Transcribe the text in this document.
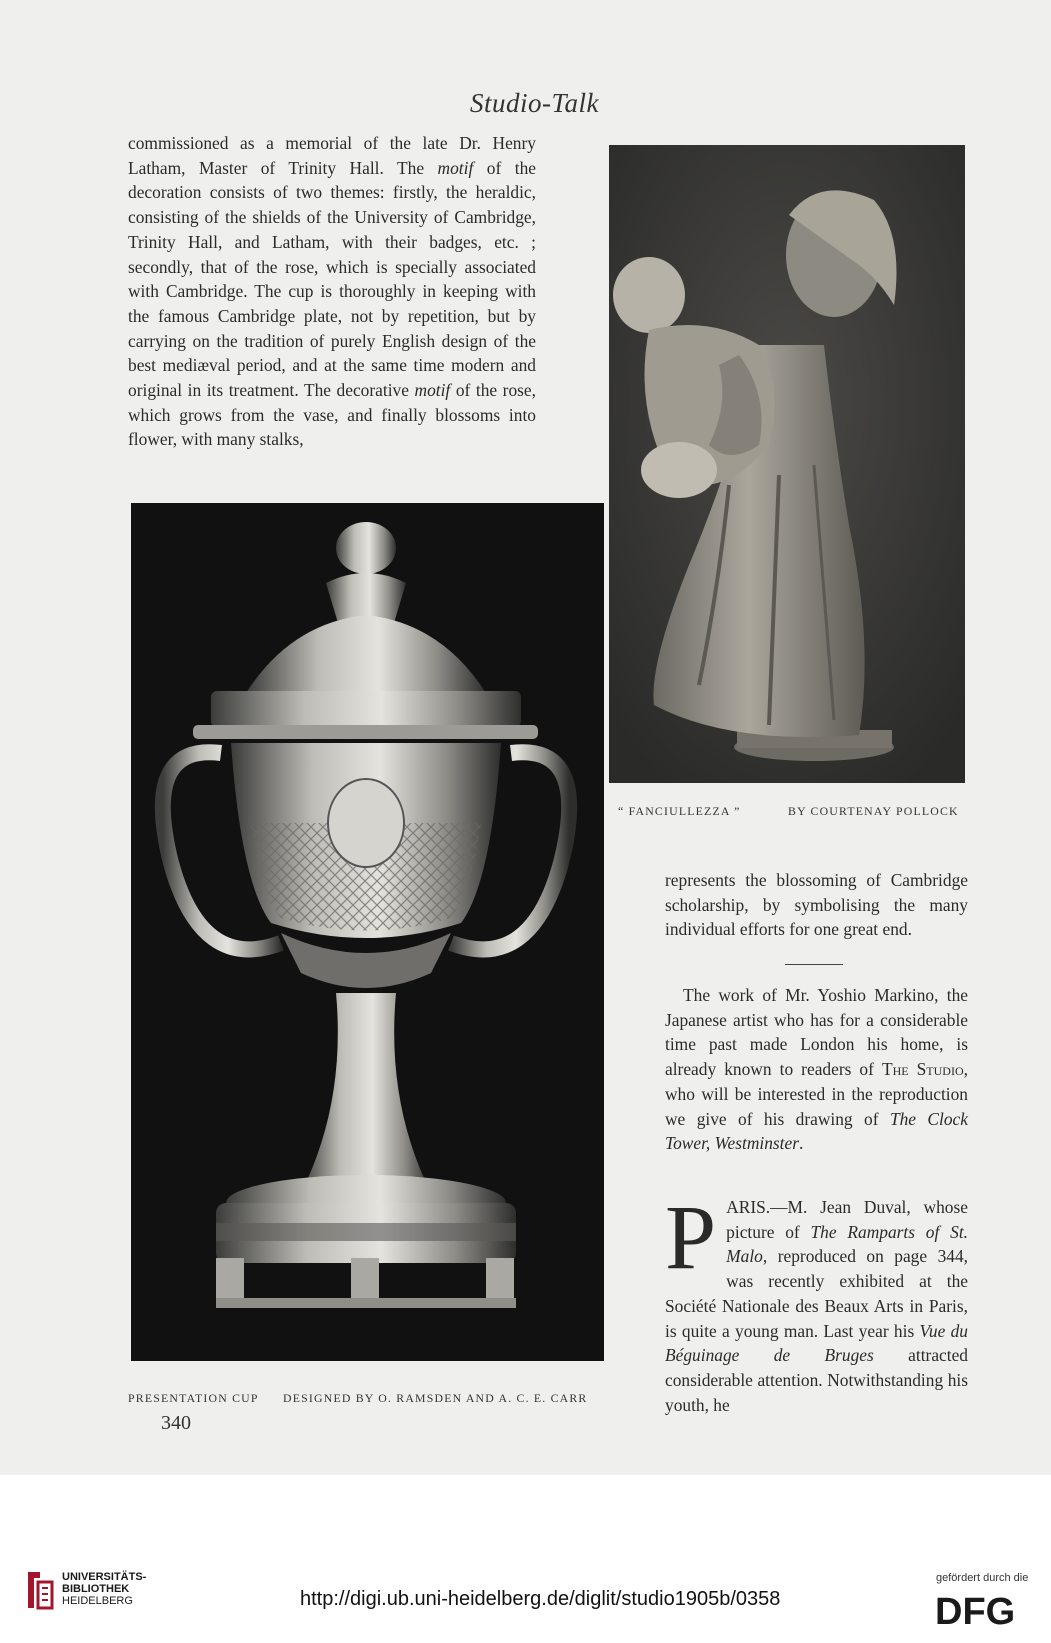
Studio-Talk

commissioned as a memorial of the late Dr. Henry Latham, Master of Trinity Hall. The motif of the decoration consists of two themes: firstly, the heraldic, consisting of the shields of the University of Cambridge, Trinity Hall, and Latham, with their badges, etc. ; secondly, that of the rose, which is specially associated with Cambridge. The cup is thoroughly in keeping with the famous Cambridge plate, not by repetition, but by carrying on the tradition of purely English design of the best mediæval period, and at the same time modern and original in its treatment. The decorative motif of the rose, which grows from the vase, and finally blossoms into flower, with many stalks,

“ FANCIULLEZZA ”	BY COURTENAY POLLOCK
PRESENTATION CUP DESIGNED BY O. RAMSDEN AND A. C. E. CARR

represents the blossoming of Cambridge scholarship, by symbolising the many individual efforts for one great end.

The work of Mr. Yoshio Markino, the Japanese artist who has for a considerable time past made London his home, is already known to readers of The Studio, who will be interested in the reproduction we give of his drawing of The Clock Tower, Westminster.

PARIS.—M. Jean Duval, whose picture of The Ramparts of St. Malo, reproduced on page 344, was recently exhibited at the Société Nationale des Beaux Arts in Paris, is quite a young man. Last year his Vue du Béguinage de Bruges attracted considerable attention. Notwithstanding his youth, he

340
UNIVERSITÄTS-
BIBLIOTHEK
HEIDELBERG	http://digi.ub.uni-heidelberg.de/diglit/studio1905b/0358
gefördert durch die
DFG
